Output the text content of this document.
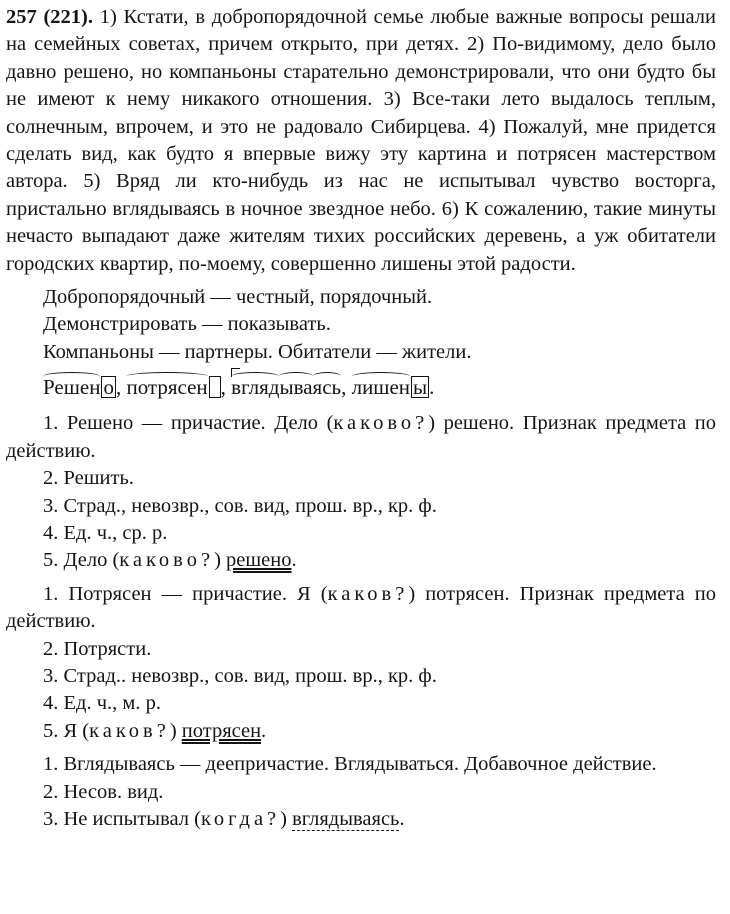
257 (221). 1) Кстати, в добропорядочной семье любые важные вопросы решали на семейных советах, причем открыто, при детях. 2) По-видимому, дело было давно решено, но компаньоны старательно демонстрировали, что они будто бы не имеют к нему никакого отношения. 3) Все-таки лето выдалось теплым, солнечным, впрочем, и это не радовало Сибирцева. 4) Пожалуй, мне придется сделать вид, как будто я впервые вижу эту картина и потрясен мастерством автора. 5) Вряд ли кто-нибудь из нас не испытывал чувство восторга, пристально вглядываясь в ночное звездное небо. 6) К сожалению, такие минуты нечасто выпадают даже жителям тихих российских деревень, а уж обитатели городских квартир, по-моему, совершенно лишены этой радости.

Добропорядочный — честный, порядочный.

Демонстрировать — показывать.

Компаньоны — партнеры. Обитатели — жители.

Решен о, потрясен , вглядываясь, лишен ы.

1. Решено — причастие. Дело (каково?) решено. Признак предмета по действию.

2. Решить.

3. Страд., невозвр., сов. вид, прош. вр., кр. ф.

4. Ед. ч., ср. р.

5. Дело (каково?) решено.

1. Потрясен — причастие. Я (каков?) потрясен. Признак предмета по действию.

2. Потрясти.

3. Страд.. невозвр., сов. вид, прош. вр., кр. ф.

4. Ед. ч., м. р.

5. Я (каков?) потрясен.

1. Вглядываясь — деепричастие. Вглядываться. Добавочное действие.

2. Несов. вид.

3. Не испытывал (когда?) вглядываясь.
